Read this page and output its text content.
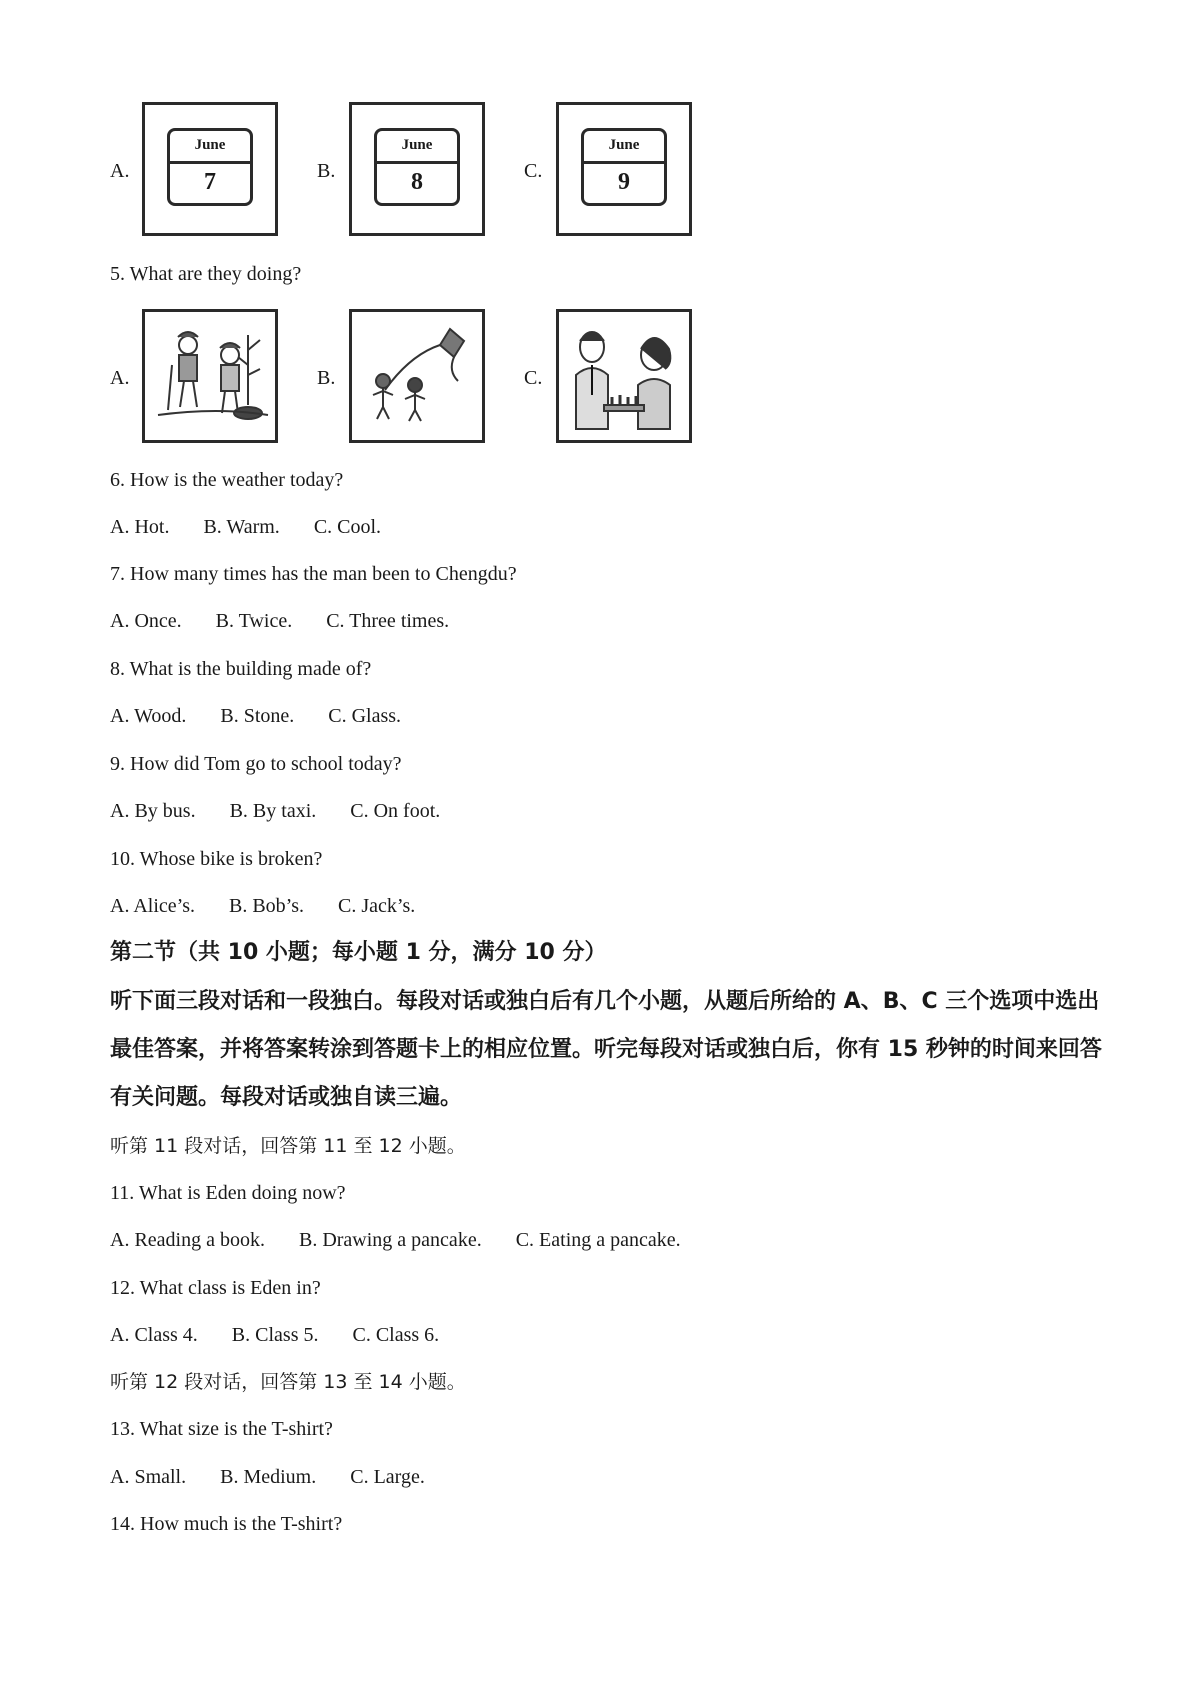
A.
June
7	B.
June
8	C.
June
9
5. What are they doing?
A.	B.	C.
6. How is the weather today?
A. Hot. B. Warm. C. Cool.
7. How many times has the man been to Chengdu?
A. Once. B. Twice. C. Three times.
8. What is the building made of?
A. Wood. B. Stone. C. Glass.
9. How did Tom go to school today?
A. By bus. B. By taxi. C. On foot.
10. Whose bike is broken?
A. Alice’s. B. Bob’s. C. Jack’s.
第二节（共 10 小题；每小题 1 分，满分 10 分）
听下面三段对话和一段独白。每段对话或独白后有几个小题，从题后所给的 A、B、C 三个选项中选出最佳答案，并将答案转涂到答题卡上的相应位置。听完每段对话或独白后，你有 15 秒钟的时间来回答有关问题。每段对话或独自读三遍。
听第 11 段对话，回答第 11 至 12 小题。
11. What is Eden doing now?
A. Reading a book. B. Drawing a pancake. C. Eating a pancake.
12. What class is Eden in?
A. Class 4. B. Class 5. C. Class 6.
听第 12 段对话，回答第 13 至 14 小题。
13. What size is the T-shirt?
A. Small. B. Medium. C. Large.
14. How much is the T-shirt?
